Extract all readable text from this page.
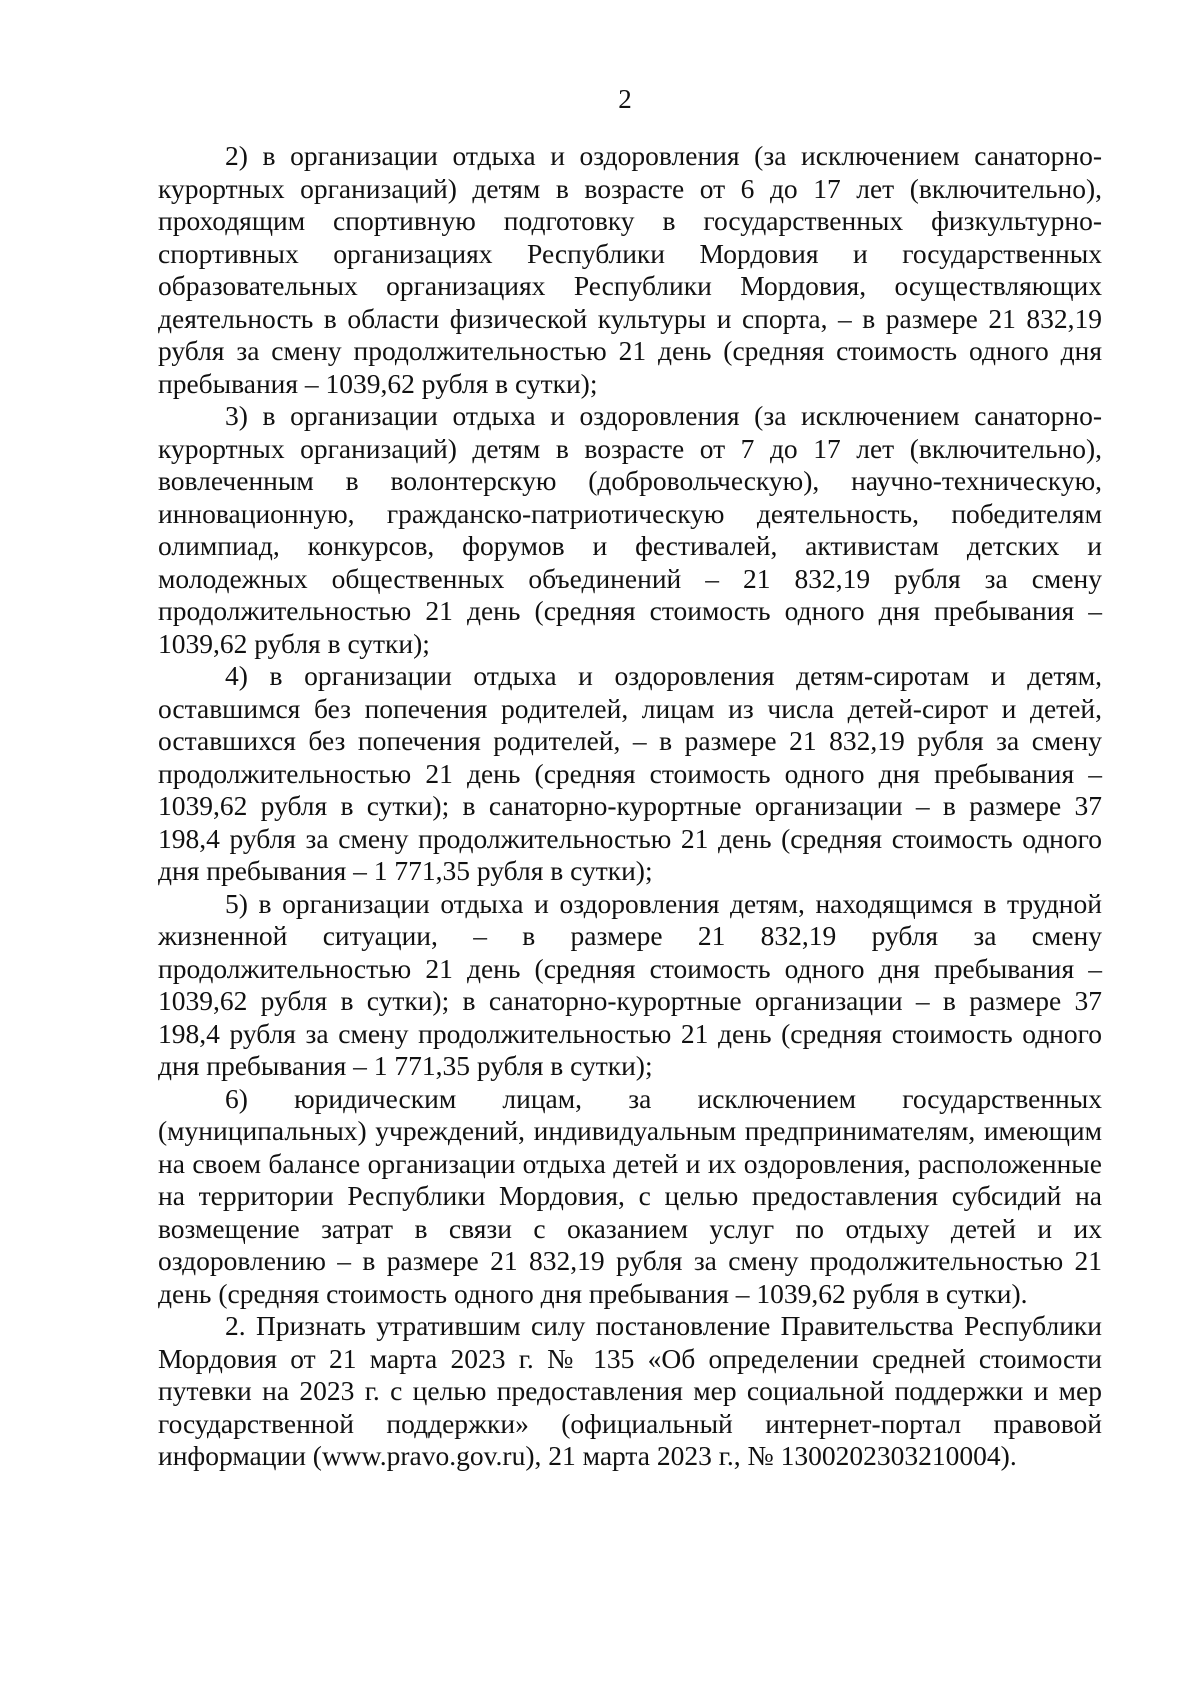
2

2) в организации отдыха и оздоровления (за исключением санаторно-курортных организаций) детям в возрасте от 6 до 17 лет (включительно), проходящим спортивную подготовку в государственных физкультурно-спортивных организациях Республики Мордовия и государственных образовательных организациях Республики Мордовия, осуществляющих деятельность в области физической культуры и спорта, – в размере 21 832,19 рубля за смену продолжительностью 21 день (средняя стоимость одного дня пребывания – 1039,62 рубля в сутки);

3) в организации отдыха и оздоровления (за исключением санаторно-курортных организаций) детям в возрасте от 7 до 17 лет (включительно), вовлеченным в волонтерскую (добровольческую), научно-техническую, инновационную, гражданско-патриотическую деятельность, победителям олимпиад, конкурсов, форумов и фестивалей, активистам детских и молодежных общественных объединений – 21 832,19 рубля за смену продолжительностью 21 день (средняя стоимость одного дня пребывания – 1039,62 рубля в сутки);

4) в организации отдыха и оздоровления детям-сиротам и детям, оставшимся без попечения родителей, лицам из числа детей-сирот и детей, оставшихся без попечения родителей, – в размере 21 832,19 рубля за смену продолжительностью 21 день (средняя стоимость одного дня пребывания – 1039,62 рубля в сутки); в санаторно-курортные организации – в размере 37 198,4 рубля за смену продолжительностью 21 день (средняя стоимость одного дня пребывания – 1 771,35 рубля в сутки);

5) в организации отдыха и оздоровления детям, находящимся в трудной жизненной ситуации, – в размере 21 832,19 рубля за смену продолжительностью 21 день (средняя стоимость одного дня пребывания – 1039,62 рубля в сутки); в санаторно-курортные организации – в размере 37 198,4 рубля за смену продолжительностью 21 день (средняя стоимость одного дня пребывания – 1 771,35 рубля в сутки);

6) юридическим лицам, за исключением государственных (муниципальных) учреждений, индивидуальным предпринимателям, имеющим на своем балансе организации отдыха детей и их оздоровления, расположенные на территории Республики Мордовия, с целью предоставления субсидий на возмещение затрат в связи с оказанием услуг по отдыху детей и их оздоровлению – в размере 21 832,19 рубля за смену продолжительностью 21 день (средняя стоимость одного дня пребывания – 1039,62 рубля в сутки).

2. Признать утратившим силу постановление Правительства Республики Мордовия от 21 марта 2023 г. № 135 «Об определении средней стоимости путевки на 2023 г. с целью предоставления мер социальной поддержки и мер государственной поддержки» (официальный интернет-портал правовой информации (www.pravo.gov.ru), 21 марта 2023 г., № 1300202303210004).
